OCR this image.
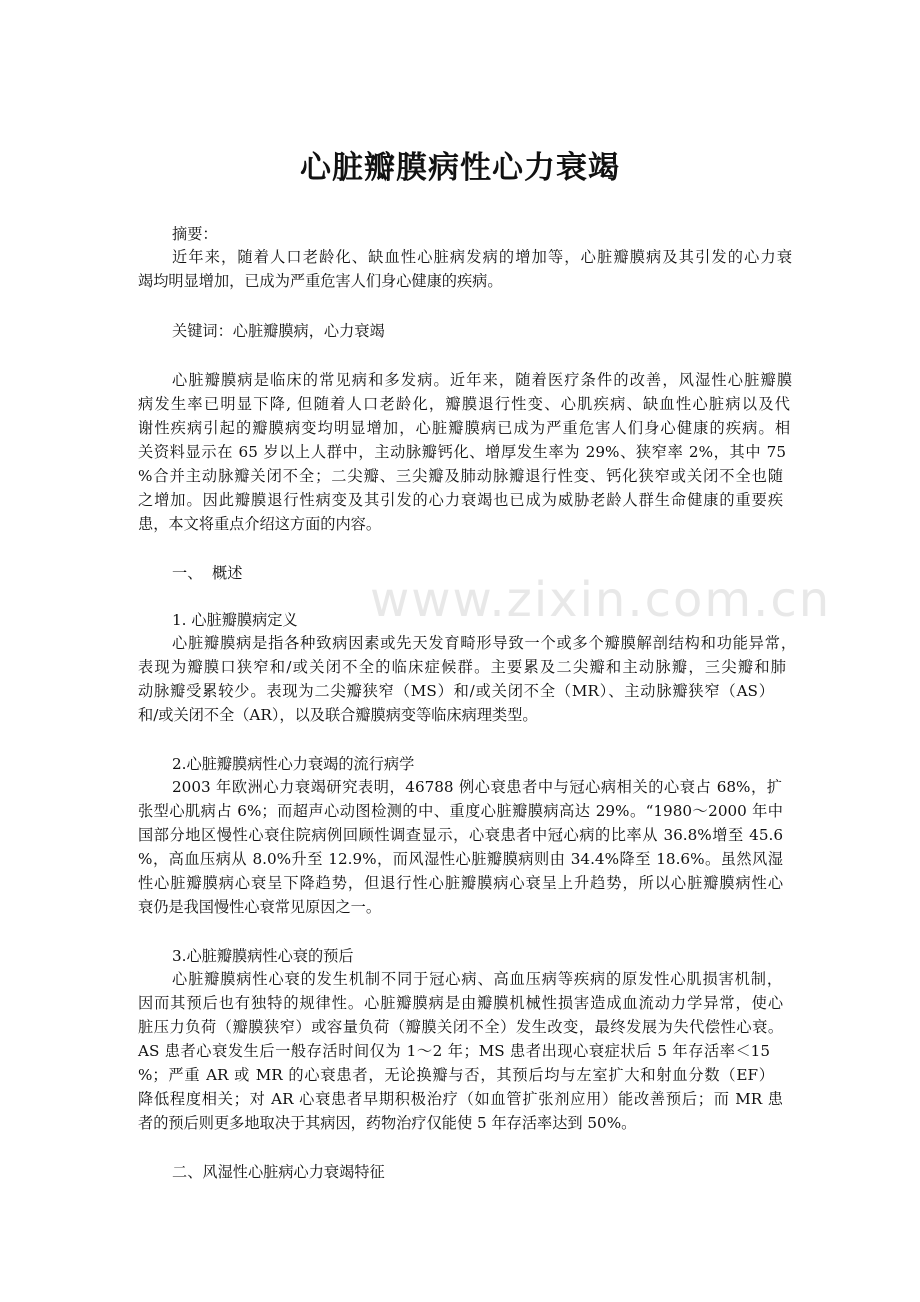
www.zixin.com.cn
心脏瓣膜病性心力衰竭

摘要：

近年来，随着人口老龄化、缺血性心脏病发病的增加等，心脏瓣膜病及其引发的心力衰

竭均明显增加，已成为严重危害人们身心健康的疾病。

关键词：心脏瓣膜病，心力衰竭

心脏瓣膜病是临床的常见病和多发病。近年来，随着医疗条件的改善，风湿性心脏瓣膜

病发生率已明显下降, 但随着人口老龄化，瓣膜退行性变、心肌疾病、缺血性心脏病以及代

谢性疾病引起的瓣膜病变均明显增加，心脏瓣膜病已成为严重危害人们身心健康的疾病。相

关资料显示在 65 岁以上人群中，主动脉瓣钙化、增厚发生率为 29%、狭窄率 2%，其中 75

%合并主动脉瓣关闭不全；二尖瓣、三尖瓣及肺动脉瓣退行性变、钙化狭窄或关闭不全也随

之增加。因此瓣膜退行性病变及其引发的心力衰竭也已成为威胁老龄人群生命健康的重要疾

患，本文将重点介绍这方面的内容。

一、  概述

1. 心脏瓣膜病定义

心脏瓣膜病是指各种致病因素或先天发育畸形导致一个或多个瓣膜解剖结构和功能异常，

表现为瓣膜口狭窄和/或关闭不全的临床症候群。主要累及二尖瓣和主动脉瓣，三尖瓣和肺

动脉瓣受累较少。表现为二尖瓣狭窄（MS）和/或关闭不全（MR）、主动脉瓣狭窄（AS）

和/或关闭不全（AR），以及联合瓣膜病变等临床病理类型。

2.心脏瓣膜病性心力衰竭的流行病学

2003 年欧洲心力衰竭研究表明，46788 例心衰患者中与冠心病相关的心衰占 68%，扩

张型心肌病占 6%；而超声心动图检测的中、重度心脏瓣膜病高达 29%。“1980～2000 年中

国部分地区慢性心衰住院病例回顾性调查显示，心衰患者中冠心病的比率从 36.8%增至 45.6

%，高血压病从 8.0%升至 12.9%，而风湿性心脏瓣膜病则由 34.4%降至 18.6%。虽然风湿

性心脏瓣膜病心衰呈下降趋势，但退行性心脏瓣膜病心衰呈上升趋势，所以心脏瓣膜病性心

衰仍是我国慢性心衰常见原因之一。

3.心脏瓣膜病性心衰的预后

心脏瓣膜病性心衰的发生机制不同于冠心病、高血压病等疾病的原发性心肌损害机制，

因而其预后也有独特的规律性。心脏瓣膜病是由瓣膜机械性损害造成血流动力学异常，使心

脏压力负荷（瓣膜狭窄）或容量负荷（瓣膜关闭不全）发生改变，最终发展为失代偿性心衰。

AS 患者心衰发生后一般存活时间仅为 1～2 年；MS 患者出现心衰症状后 5 年存活率＜15

%；严重 AR 或 MR 的心衰患者，无论换瓣与否，其预后均与左室扩大和射血分数（EF）

降低程度相关；对 AR 心衰患者早期积极治疗（如血管扩张剂应用）能改善预后；而 MR 患

者的预后则更多地取决于其病因，药物治疗仅能使 5 年存活率达到 50%。

二、风湿性心脏病心力衰竭特征
